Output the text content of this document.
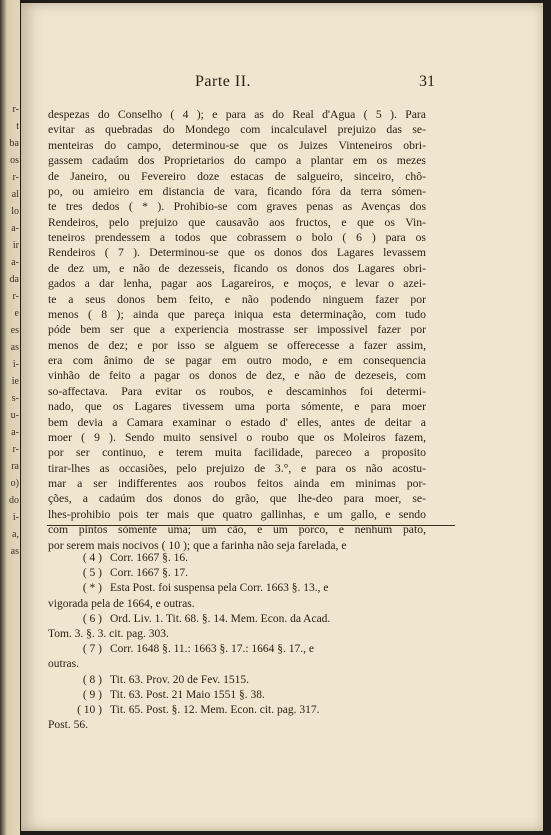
r-
t
ba
os
r-
al
lo
a-
ir
a-
da
r-
e
es
as
i-
ie
s-
u-
a-
r-
ra
o)
do
i-
a,
as
Parte II.	31
despezas do Conselho ( 4 ); e para as do Real d'Agua ( 5 ). Para
evitar as quebradas do Mondego com incalculavel prejuizo das se-
menteiras do campo, determinou-se que os Juizes Vinteneiros obri-
gassem cadaúm dos Proprietarios do campo a plantar em os mezes
de Janeiro, ou Fevereiro doze estacas de salgueiro, sinceiro, chô-
po, ou amieiro em distancia de vara, ficando fóra da terra sómen-
te tres dedos ( * ). Prohibio-se com graves penas as Avenças dos
Rendeiros, pelo prejuizo que causavão aos fructos, e que os Vin-
teneiros prendessem a todos que cobrassem o bolo ( 6 ) para os
Rendeiros ( 7 ). Determinou-se que os donos dos Lagares levassem
de dez um, e não de dezesseis, ficando os donos dos Lagares obri-
gados a dar lenha, pagar aos Lagareiros, e moços, e levar o azei-
te a seus donos bem feito, e não podendo ninguem fazer por
menos ( 8 ); ainda que pareça iniqua esta determinação, com tudo
póde bem ser que a experiencia mostrasse ser impossivel fazer por
menos de dez; e por isso se alguem se offerecesse a fazer assim,
era com ânimo de se pagar em outro modo, e em consequencia
vinhão de feito a pagar os donos de dez, e não de dezeseis, com
so-affectava. Para evitar os roubos, e descaminhos foi determi-
nado, que os Lagares tivessem uma porta sómente, e para moer
bem devia a Camara examinar o estado d' elles, antes de deitar a
moer ( 9 ). Sendo muito sensivel o roubo que os Moleiros fazem,
por ser continuo, e terem muita facilidade, pareceo a proposito
tirar-lhes as occasiões, pelo prejuizo de 3.°, e para os não acostu-
mar a ser indifferentes aos roubos feitos ainda em minimas por-
ções, a cadaúm dos donos do grão, que lhe-deo para moer, se-
lhes-prohibio pois ter mais que quatro gallinhas, e um gallo, e sendo
com pintos sómente uma; um cão, e um porco, e nenhum pato,
por serem mais nocivos ( 10 ); que a farinha não seja farelada, e
( 4 ) Corr. 1667 §. 16.
( 5 ) Corr. 1667 §. 17.
( * ) Esta Post. foi suspensa pela Corr. 1663 §. 13., e
vigorada pela de 1664, e outras.
( 6 ) Ord. Liv. 1. Tit. 68. §. 14. Mem. Econ. da Acad.
Tom. 3. §. 3. cit. pag. 303.
( 7 ) Corr. 1648 §. 11.: 1663 §. 17.: 1664 §. 17., e
outras.
( 8 ) Tit. 63. Prov. 20 de Fev. 1515.
( 9 ) Tit. 63. Post. 21 Maio 1551 §. 38.
( 10 ) Tit. 65. Post. §. 12. Mem. Econ. cit. pag. 317.
Post. 56.
